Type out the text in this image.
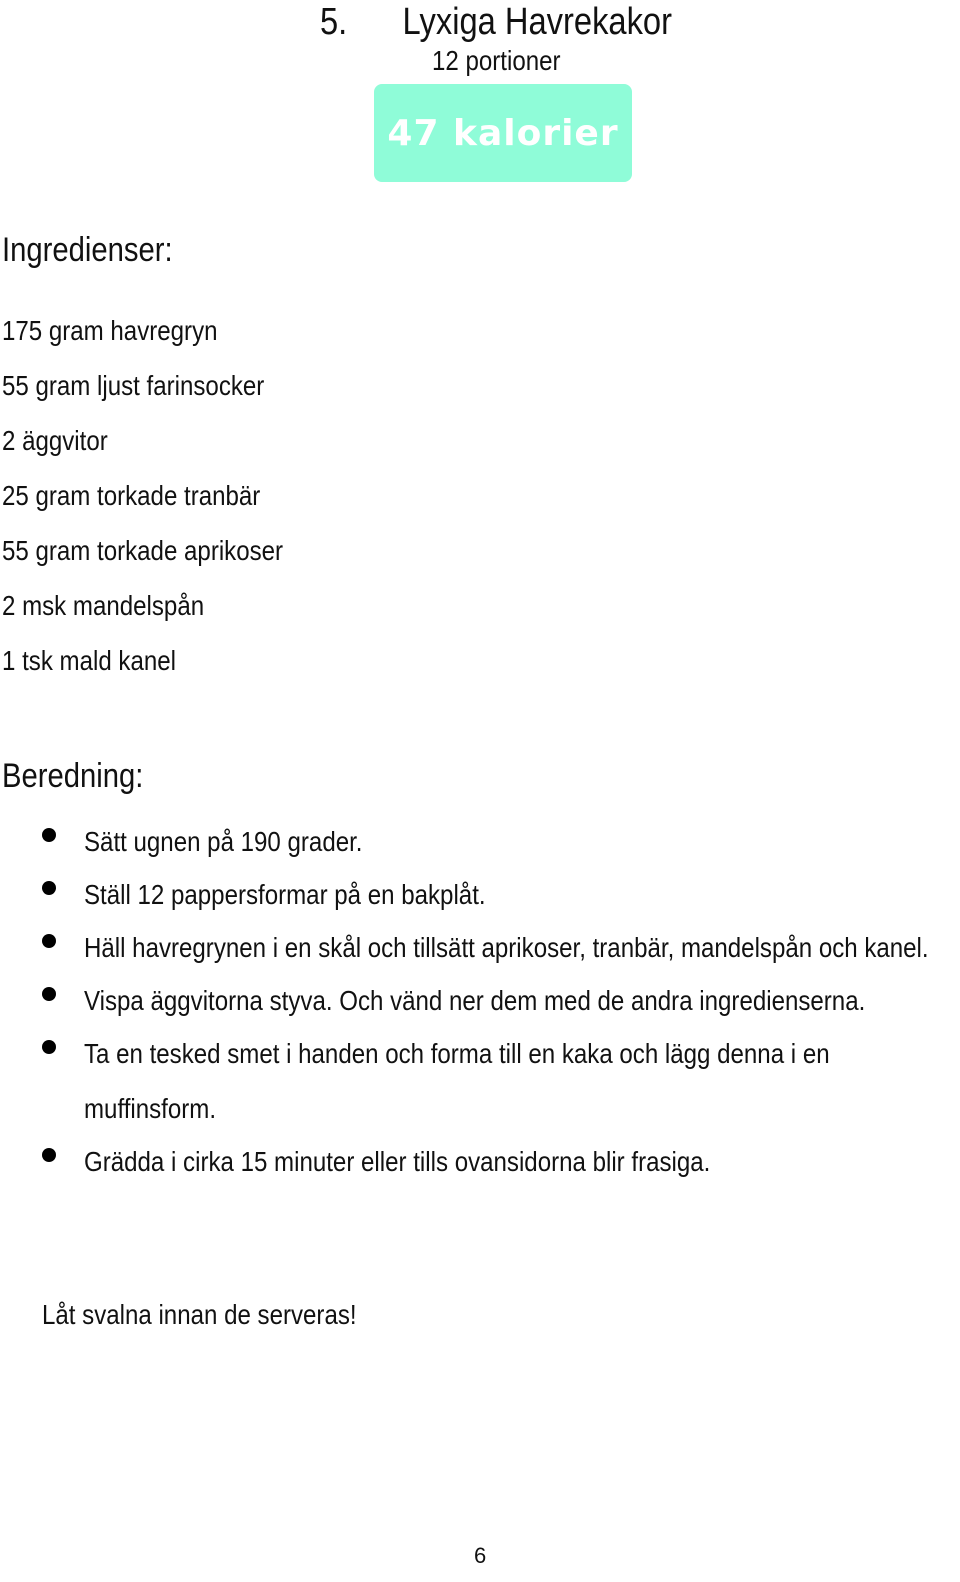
5. Lyxiga Havrekakor
12 portioner
47 kalorier
Ingredienser:
175 gram havregryn
55 gram ljust farinsocker
2 äggvitor
25 gram torkade tranbär
55 gram torkade aprikoser
2 msk mandelspån
1 tsk mald kanel
Beredning:
Sätt ugnen på 190 grader.
Ställ 12 pappersformar på en bakplåt.
Häll havregrynen i en skål och tillsätt aprikoser, tranbär, mandelspån och kanel.
Vispa äggvitorna styva. Och vänd ner dem med de andra ingredienserna.
Ta en tesked smet i handen och forma till en kaka och lägg denna i en muffinsform.
Grädda i cirka 15 minuter eller tills ovansidorna blir frasiga.
Låt svalna innan de serveras!
6
